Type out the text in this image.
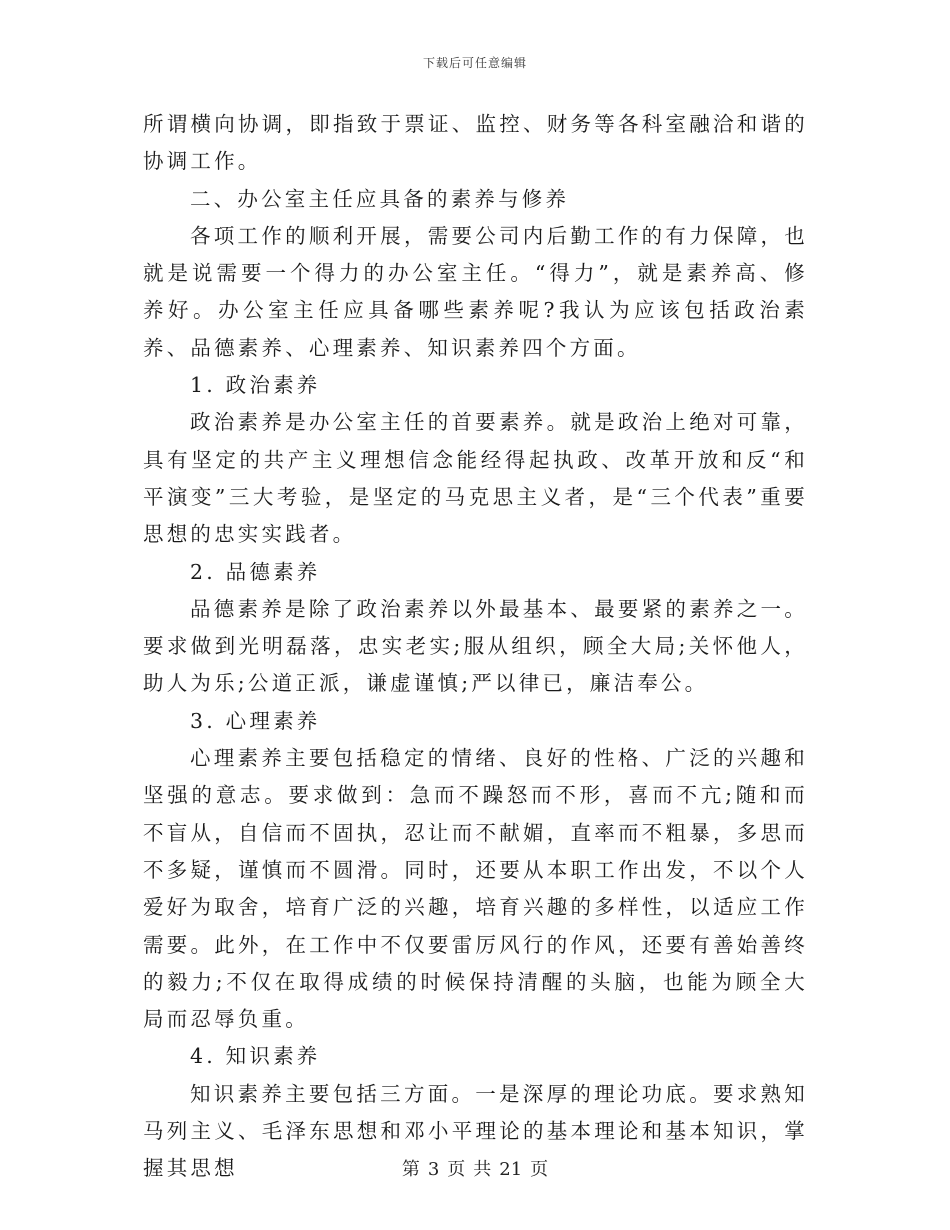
下载后可任意编辑

所谓横向协调，即指致于票证、监控、财务等各科室融洽和谐的协调工作。

二、办公室主任应具备的素养与修养

各项工作的顺利开展，需要公司内后勤工作的有力保障，也就是说需要一个得力的办公室主任。“得力”，就是素养高、修养好。办公室主任应具备哪些素养呢?我认为应该包括政治素养、品德素养、心理素养、知识素养四个方面。

1. 政治素养

政治素养是办公室主任的首要素养。就是政治上绝对可靠，具有坚定的共产主义理想信念能经得起执政、改革开放和反“和平演变”三大考验，是坚定的马克思主义者，是“三个代表”重要思想的忠实实践者。

2. 品德素养

品德素养是除了政治素养以外最基本、最要紧的素养之一。要求做到光明磊落，忠实老实;服从组织，顾全大局;关怀他人，助人为乐;公道正派，谦虚谨慎;严以律已，廉洁奉公。

3. 心理素养

心理素养主要包括稳定的情绪、良好的性格、广泛的兴趣和坚强的意志。要求做到：急而不躁怒而不形，喜而不亢;随和而不盲从，自信而不固执，忍让而不献媚，直率而不粗暴，多思而不多疑，谨慎而不圆滑。同时，还要从本职工作出发，不以个人爱好为取舍，培育广泛的兴趣，培育兴趣的多样性，以适应工作需要。此外，在工作中不仅要雷厉风行的作风，还要有善始善终的毅力;不仅在取得成绩的时候保持清醒的头脑，也能为顾全大局而忍辱负重。

4. 知识素养

知识素养主要包括三方面。一是深厚的理论功底。要求熟知马列主义、毛泽东思想和邓小平理论的基本理论和基本知识，掌握其思想	第 3 页 共 21 页
